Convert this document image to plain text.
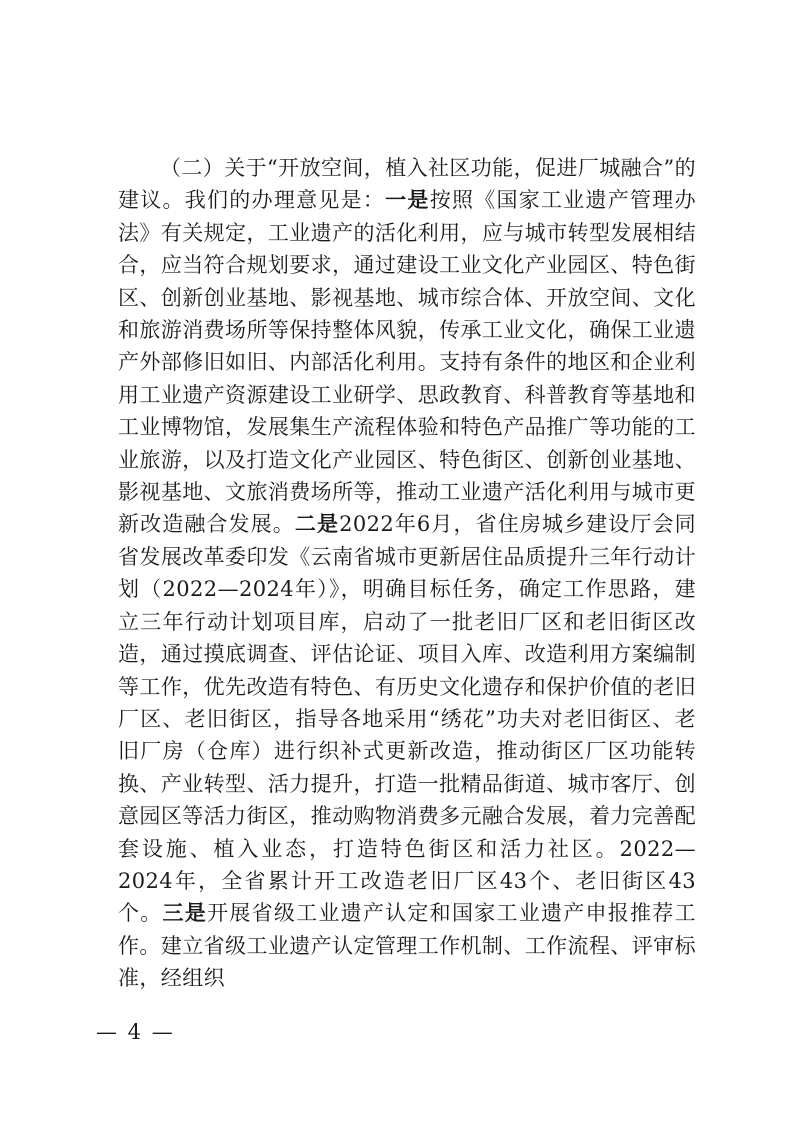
（二）关于“开放空间，植入社区功能，促进厂城融合”的建议。我们的办理意见是：一是按照《国家工业遗产管理办法》有关规定，工业遗产的活化利用，应与城市转型发展相结合，应当符合规划要求，通过建设工业文化产业园区、特色街区、创新创业基地、影视基地、城市综合体、开放空间、文化和旅游消费场所等保持整体风貌，传承工业文化，确保工业遗产外部修旧如旧、内部活化利用。支持有条件的地区和企业利用工业遗产资源建设工业研学、思政教育、科普教育等基地和工业博物馆，发展集生产流程体验和特色产品推广等功能的工业旅游，以及打造文化产业园区、特色街区、创新创业基地、影视基地、文旅消费场所等，推动工业遗产活化利用与城市更新改造融合发展。二是2022年6月，省住房城乡建设厅会同省发展改革委印发《云南省城市更新居住品质提升三年行动计划（2022—2024年）》，明确目标任务，确定工作思路，建立三年行动计划项目库，启动了一批老旧厂区和老旧街区改造，通过摸底调查、评估论证、项目入库、改造利用方案编制等工作，优先改造有特色、有历史文化遗存和保护价值的老旧厂区、老旧街区，指导各地采用“绣花”功夫对老旧街区、老旧厂房（仓库）进行织补式更新改造，推动街区厂区功能转换、产业转型、活力提升，打造一批精品街道、城市客厅、创意园区等活力街区，推动购物消费多元融合发展，着力完善配套设施、植入业态，打造特色街区和活力社区。2022—2024年，全省累计开工改造老旧厂区43个、老旧街区43个。三是开展省级工业遗产认定和国家工业遗产申报推荐工作。建立省级工业遗产认定管理工作机制、工作流程、评审标准，经组织

— 4 —
